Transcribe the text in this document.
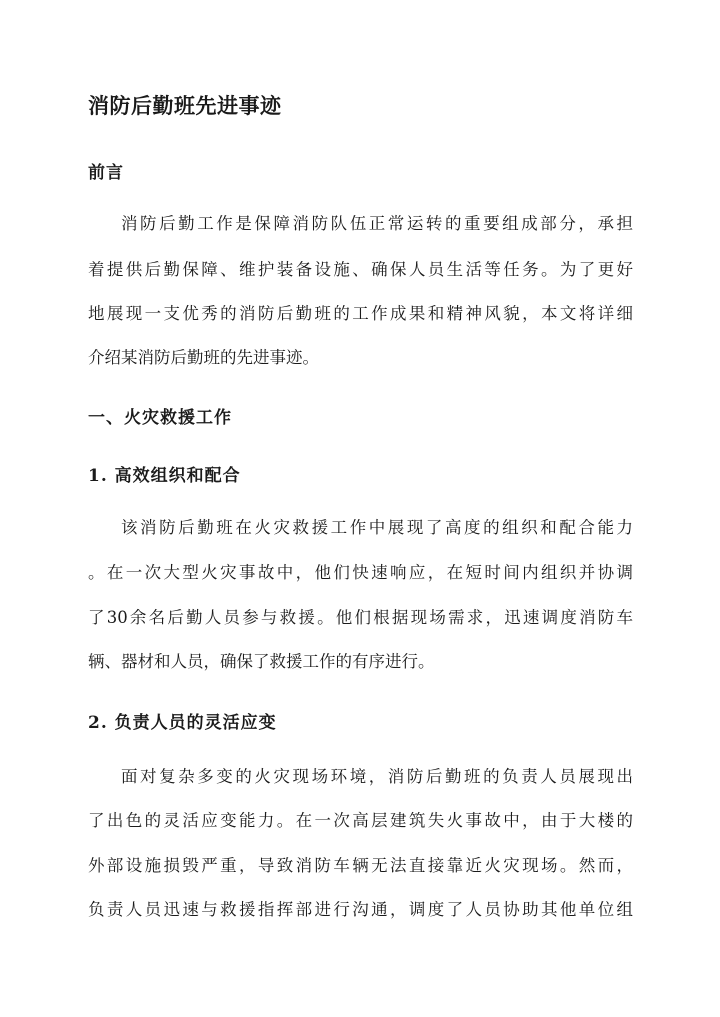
消防后勤班先进事迹
前言
消防后勤工作是保障消防队伍正常运转的重要组成部分，承担
着提供后勤保障、维护装备设施、确保人员生活等任务。为了更好
地展现一支优秀的消防后勤班的工作成果和精神风貌，本文将详细
介绍某消防后勤班的先进事迹。
一、火灾救援工作
1. 高效组织和配合
该消防后勤班在火灾救援工作中展现了高度的组织和配合能力
。在一次大型火灾事故中，他们快速响应，在短时间内组织并协调
了30余名后勤人员参与救援。他们根据现场需求，迅速调度消防车
辆、器材和人员，确保了救援工作的有序进行。
2. 负责人员的灵活应变
面对复杂多变的火灾现场环境，消防后勤班的负责人员展现出
了出色的灵活应变能力。在一次高层建筑失火事故中，由于大楼的
外部设施损毁严重，导致消防车辆无法直接靠近火灾现场。然而，
负责人员迅速与救援指挥部进行沟通，调度了人员协助其他单位组
